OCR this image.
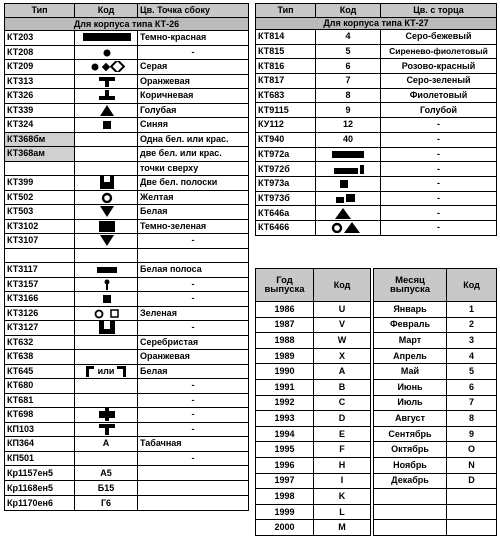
Тип	Код	Цв. Точка сбоку
Для корпуса типа КТ-26		
КТ203		Темно-красная
КТ208		-
КТ209		Серая
КТ313		Оранжевая
КТ326		Коричневая
КТ339		Голубая
КТ324		Синяя
КТ368бм		Одна бел. или крас.
КТ368ам		две бел. или крас.
		точки сверху
КТ399		Две бел. полоски
КТ502		Желтая
КТ503		Белая
КТ3102		Темно-зеленая
КТ3107		-

КТ3117		Белая полоса
КТ3157		-
КТ3166		-
КТ3126		Зеленая
КТ3127		-
КТ632		Серебристая
КТ638		Оранжевая
КТ645	или	Белая
КТ680		-
КТ681		-
КТ698		-
КП103		-
КП364	А	Табачная
КП501		-
Кр1157ен5	А5	
Кр1168ен5	Б15	
Кр1170ен6	Г6	
Тип	Код	Цв. с торца
Для корпуса типа КТ-27		
КТ814	4	Серо-бежевый
КТ815	5	Сиренево-фиолетовый
КТ816	6	Розово-красный
КТ817	7	Серо-зеленый
КТ683	8	Фиолетовый
КТ9115	9	Голубой
КУ112	12	-
КТ940	40	-
КТ972а		-
КТ972б		-
КТ973а		-
КТ973б		-
КТ646а		-
КТ6466		-
Год выпуска	Код
1986	U
1987	V
1988	W
1989	X
1990	A
1991	B
1992	C
1993	D
1994	E
1995	F
1996	H
1997	I
1998	K
1999	L
2000	M
Месяц выпуска	Код
Январь	1
Февраль	2
Март	3
Апрель	4
Май	5
Июнь	6
Июль	7
Август	8
Сентябрь	9
Октябрь	O
Ноябрь	N
Декабрь	D
